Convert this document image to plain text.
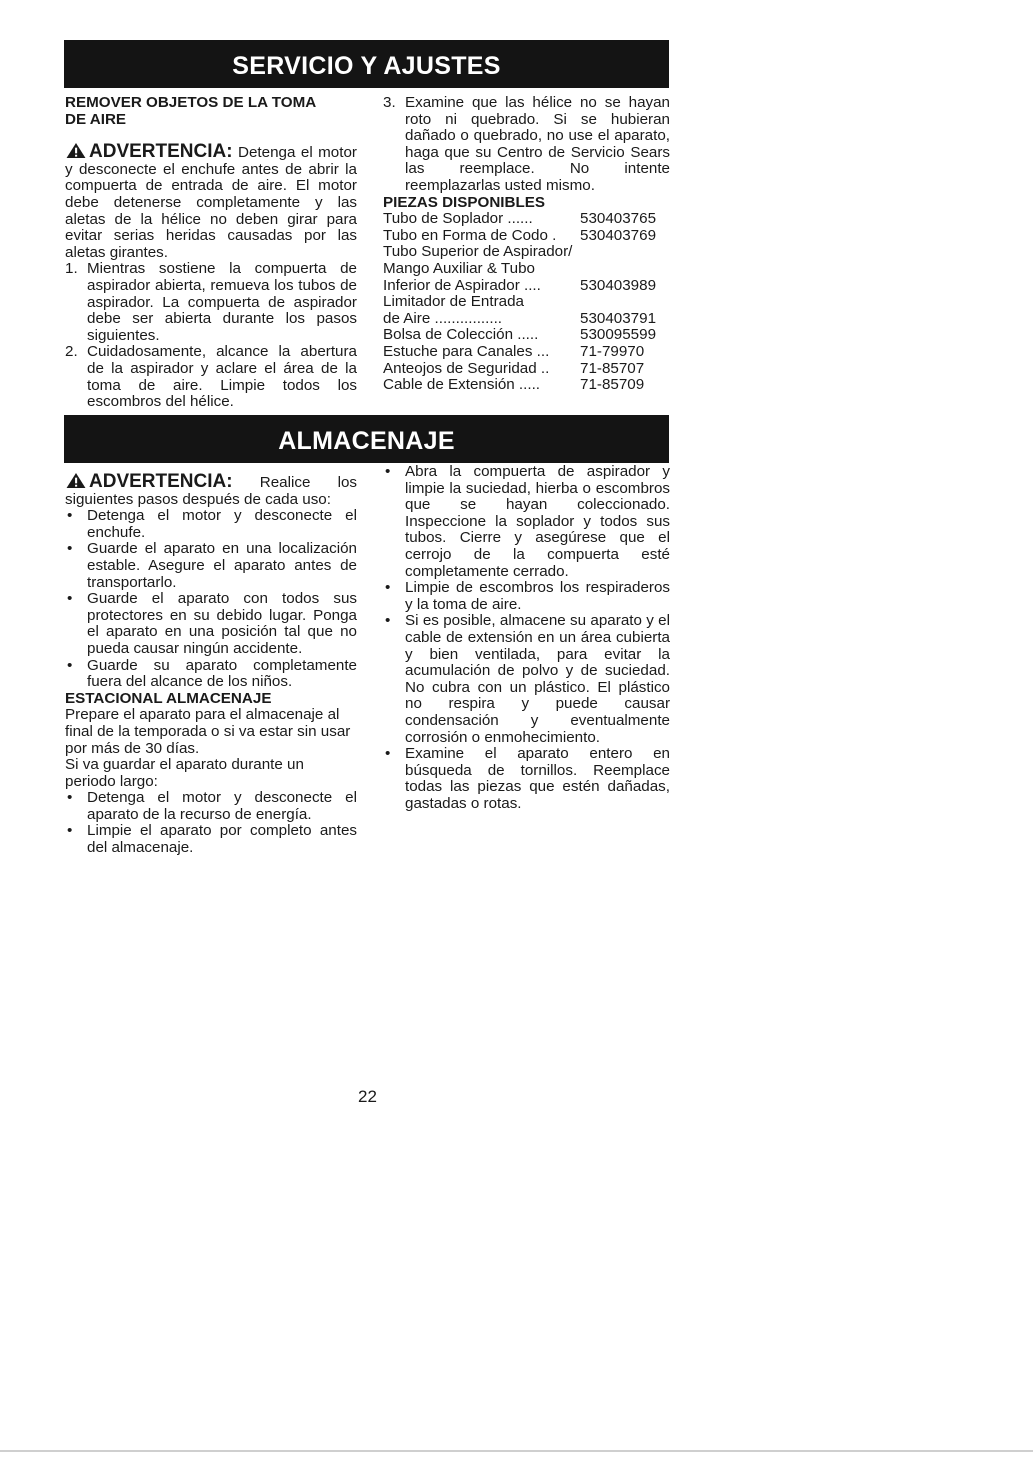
SERVICIO Y AJUSTES
REMOVER OBJETOS DE LA TOMA
DE AIRE

ADVERTENCIA: Detenga el motor y desconecte el enchufe antes de abrir la compuerta de entrada de aire. El motor debe detenerse completamente y las aletas de la hélice no deben girar para evitar serias heridas causadas por las aletas girantes.

1. Mientras sostiene la compuerta de aspirador abierta, remueva los tubos de aspirador. La compuerta de aspirador debe ser abierta durante los pasos siguientes.
2. Cuidadosamente, alcance la abertura de la aspirador y aclare el área de la toma de aire. Limpie todos los escombros del hélice.
3. Examine que las hélice no se hayan roto ni quebrado. Si se hubieran dañado o quebrado, no use el aparato, haga que su Centro de Servicio Sears las reemplace. No intente reemplazarlas usted mismo.
PIEZAS DISPONIBLES
Tubo de Soplador ......	530403765
Tubo en Forma de Codo .	530403769
Tubo Superior de Aspirador/
Mango Auxiliar & Tubo
Inferior de Aspirador ....	530403989
Limitador de Entrada
de Aire ................	530403791
Bolsa de Colección .....	530095599
Estuche para Canales ...	71-79970
Anteojos de Seguridad ..	71-85707
Cable de Extensión .....	71-85709
ALMACENAJE

ADVERTENCIA: Realice los siguientes pasos después de cada uso:

• Detenga el motor y desconecte el enchufe.
• Guarde el aparato en una localización estable. Asegure el aparato antes de transportarlo.
• Guarde el aparato con todos sus protectores en su debido lugar. Ponga el aparato en una posición tal que no pueda causar ningún accidente.
• Guarde su aparato completamente fuera del alcance de los niños.
ESTACIONAL ALMACENAJE

Prepare el aparato para el almacenaje al final de la temporada o si va estar sin usar por más de 30 días.

Si va guardar el aparato durante un periodo largo:

• Detenga el motor y desconecte el aparato de la recurso de energía.
• Limpie el aparato por completo antes del almacenaje.
• Abra la compuerta de aspirador y limpie la suciedad, hierba o escombros que se hayan coleccionado. Inspeccione la soplador y todos sus tubos. Cierre y asegúrese que el cerrojo de la compuerta esté completamente cerrado.
• Limpie de escombros los respiraderos y la toma de aire.
• Si es posible, almacene su aparato y el cable de extensión en un área cubierta y bien ventilada, para evitar la acumulación de polvo y de suciedad. No cubra con un plástico. El plástico no respira y puede causar condensación y eventualmente corrosión o enmohecimiento.
• Examine el aparato entero en búsqueda de tornillos. Reemplace todas las piezas que estén dañadas, gastadas o rotas.
22
